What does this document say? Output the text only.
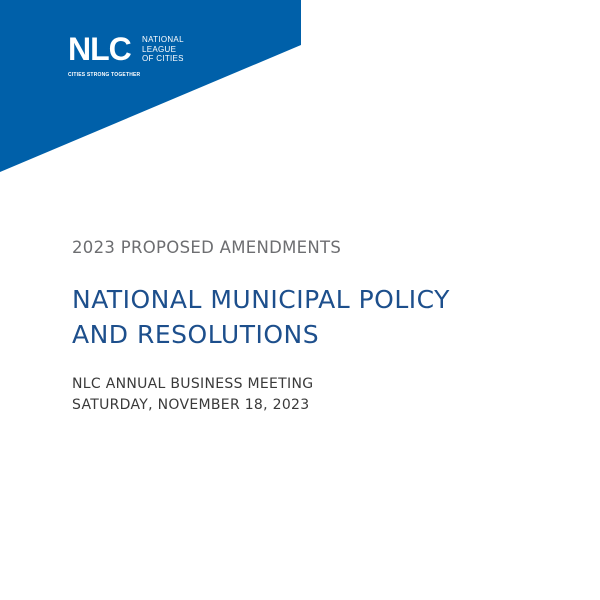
NLC NATIONAL
LEAGUE
OF CITIES
CITIES STRONG TOGETHER
2023 PROPOSED AMENDMENTS
NATIONAL MUNICIPAL POLICY
AND RESOLUTIONS
NLC ANNUAL BUSINESS MEETING
SATURDAY, NOVEMBER 18, 2023
